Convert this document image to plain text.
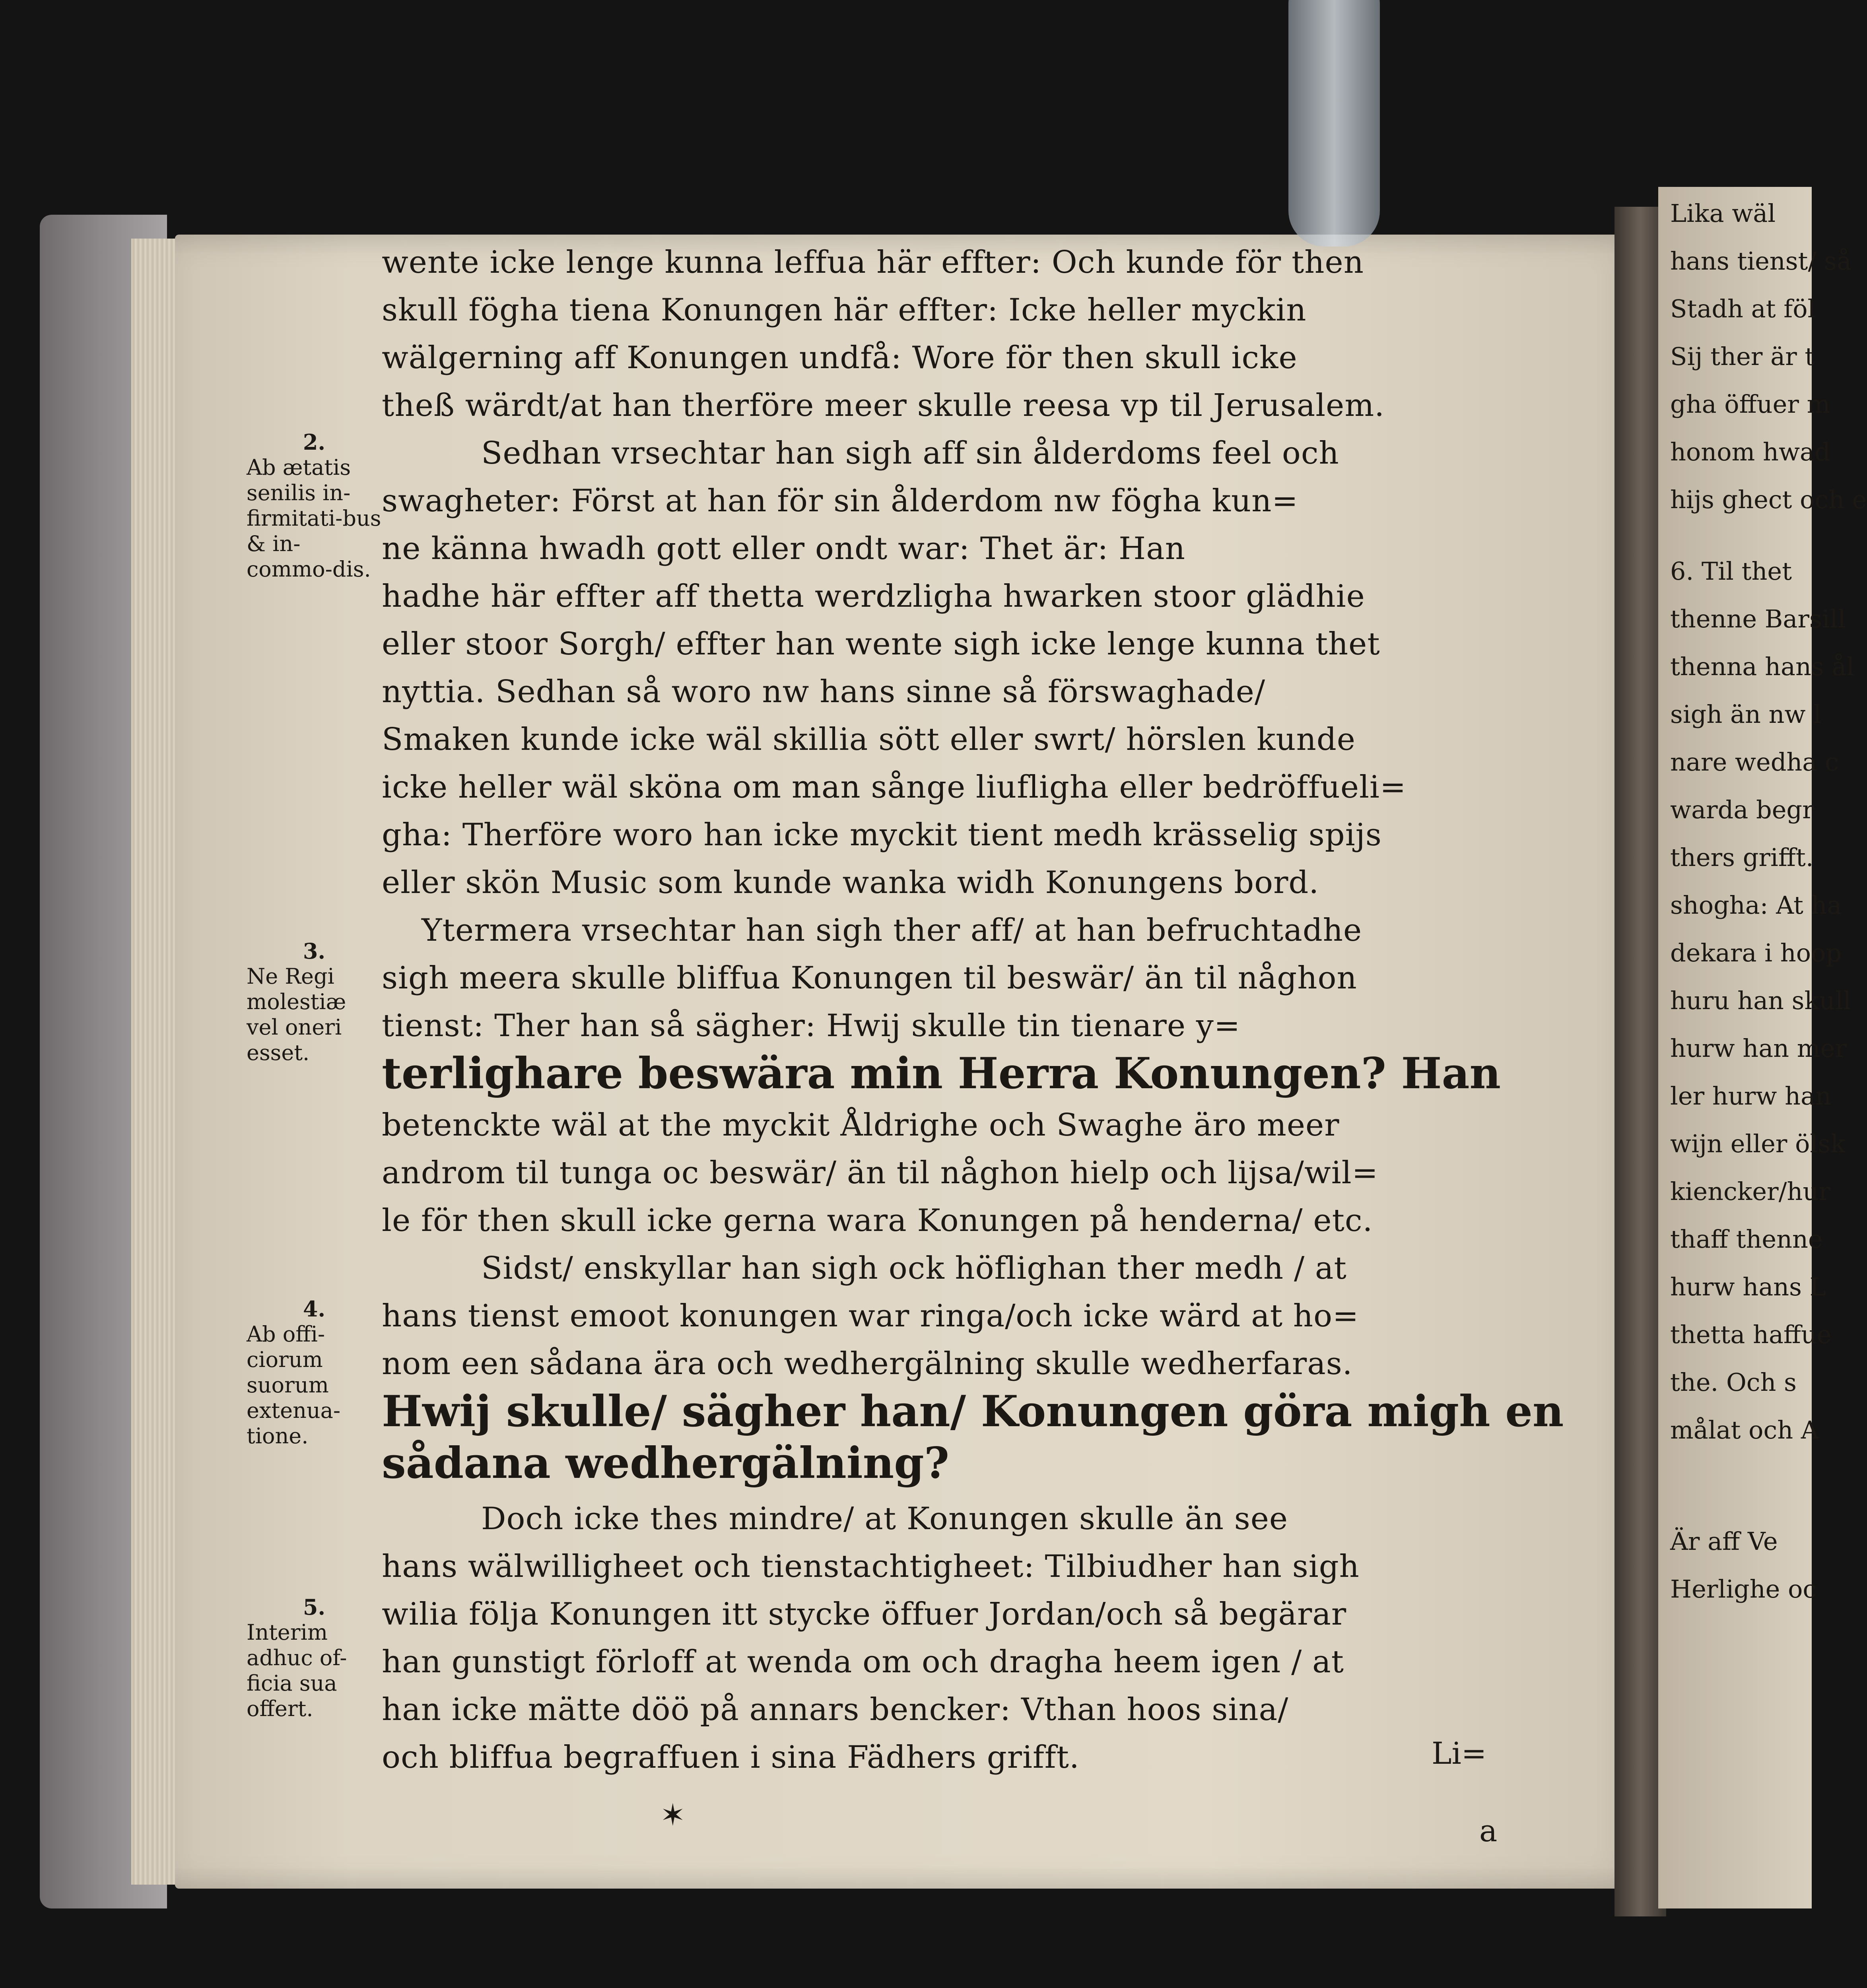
2.
Ab ætatis senilis in-firmitati-bus & in-commo-dis.
3.
Ne Regi molestiæ vel oneri esset.
4.
Ab offi-ciorum suorum extenua-tione.
5.
Interim adhuc of-ficia sua offert.
wente icke lenge kunna leffua här effter: Och kunde för then
skull fögha tiena Konungen här effter: Icke heller myckin
wälgerning aff Konungen undfå: Wore för then skull icke
theß wärdt/at han therföre meer skulle reesa vp til Jerusalem.
Sedhan vrsechtar han sigh aff sin ålderdoms feel och
swagheter: Först at han för sin ålderdom nw fögha kun=
ne känna hwadh gott eller ondt war: Thet är: Han
hadhe här effter aff thetta werdzligha hwarken stoor glädhie
eller stoor Sorgh/ effter han wente sigh icke lenge kunna thet
nyttia. Sedhan så woro nw hans sinne så förswaghade/
Smaken kunde icke wäl skillia sött eller swrt/ hörslen kunde
icke heller wäl sköna om man sånge liufligha eller bedröffueli=
gha: Therföre woro han icke myckit tient medh krässelig spijs
eller skön Music som kunde wanka widh Konungens bord.
Ytermera vrsechtar han sigh ther aff/ at han befruchtadhe
sigh meera skulle bliffua Konungen til beswär/ än til någhon
tienst: Ther han så sägher: Hwij skulle tin tienare y=
terlighare beswära min Herra Konungen? Han
betenckte wäl at the myckit Åldrighe och Swaghe äro meer
androm til tunga oc beswär/ än til någhon hielp och lijsa/wil=
le för then skull icke gerna wara Konungen på henderna/ etc.
Sidst/ enskyllar han sigh ock höflighan ther medh / at
hans tienst emoot konungen war ringa/och icke wärd at ho=
nom een sådana ära och wedhergälning skulle wedherfaras.
Hwij skulle/ sägher han/ Konungen göra migh en
sådana wedhergälning?
Doch icke thes mindre/ at Konungen skulle än see
hans wälwilligheet och tienstachtigheet: Tilbiudher han sigh
wilia följa Konungen itt stycke öffuer Jordan/och så begärar
han gunstigt förloff at wenda om och dragha heem igen / at
han icke mätte döö på annars bencker: Vthan hoos sina/
och bliffua begraffuen i sina Fädhers grifft.	Li=
✶	a
Lika wäl
hans tienst/ så
Stadh at föl
Sij ther är t
gha öffuer m
honom hwad
hijs ghect och e
6. Til thet
thenne Barsill
thenna hans ål
sigh än nw l
nare wedha c
warda begr
thers grifft.
shogha: At ha
dekara i hoop
huru han skull
hurw han mer
ler hurw han
wijn eller ölsk
kiencker/hur
thaff thenne
hurw hans L
thetta haffue
the. Och s
målat och A
Är aff Ve
Herlighe oc
